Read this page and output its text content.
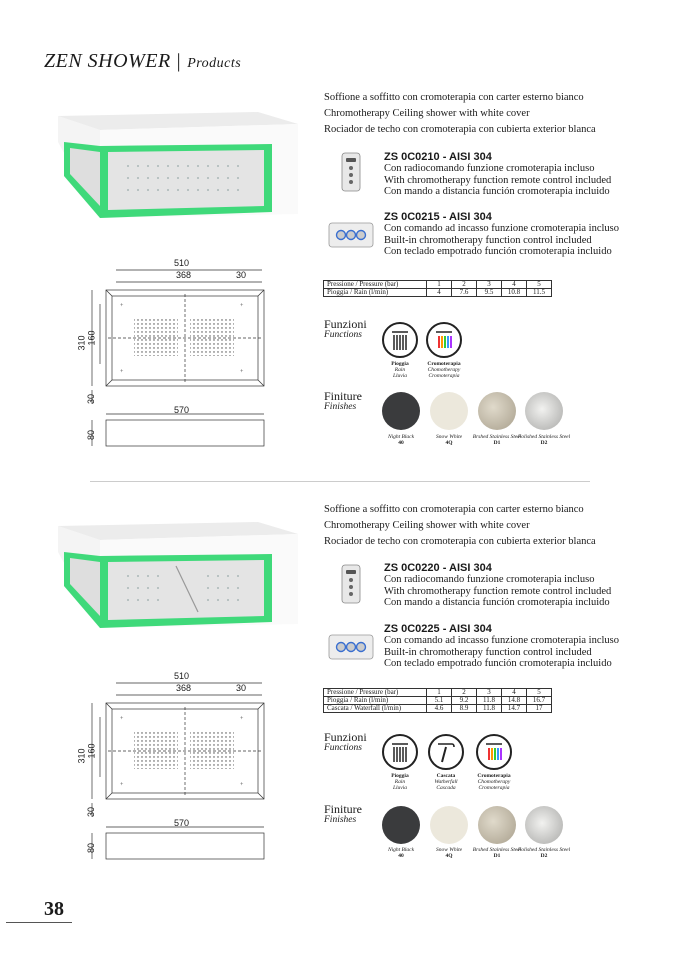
ZEN SHOWER | Products
+	+
+	+
510
368	30
310 160
30
570
80
Soffione a soffitto con cromoterapia con carter esterno bianco
Chromotherapy Ceiling shower with white cover
Rociador de techo con cromoterapia con cubierta exterior blanca
ZS 0C0210 - AISI 304
Con radiocomando funzione cromoterapia incluso
With chromotherapy function remote control included
Con mando a distancia función cromoterapia incluido
ZS 0C0215 - AISI 304
Con comando ad incasso funzione cromoterapia incluso
Built-in chromotherapy function control included
Con teclado empotrado función cromoterapia incluido
Pressione / Pressure (bar)	1	2	3	4	5
Pioggia / Rain (l/min)	4	7.6	9.5	10.8	11.5
Funzioni
Functions
Pioggia
Rain
Lluvia
Cromoterapia
Chomotherapy
Cromoterapia
Finiture
Finishes
Night Black
40
Snow White
4Q
Brshed Stainless Steel
D1
Polished Stainless Steel
D2
+	+
+	+
510
368	30
310 160
30
570
80
Soffione a soffitto con cromoterapia con carter esterno bianco
Chromotherapy Ceiling shower with white cover
Rociador de techo con cromoterapia con cubierta exterior blanca
ZS 0C0220 - AISI 304
Con radiocomando funzione cromoterapia incluso
With chromotherapy function remote control included
Con mando a distancia función cromoterapia incluido
ZS 0C0225 - AISI 304
Con comando ad incasso funzione cromoterapia incluso
Built-in chromotherapy function control included
Con teclado empotrado función cromoterapia incluido
Pressione / Pressure (bar)	1	2	3	4	5
Pioggia / Rain (l/min)	5.1	9.2	11.8	14.8	16.7
Cascata / Waterfall (l/min)	4.6	8.9	11.8	14.7	17
Funzioni
Functions
Pioggia
Rain
Lluvia
Cascata
Watherfall
Cascada
Cromoterapia
Chomotherapy
Cromoterapia
Finiture
Finishes
Night Black
40
Snow White
4Q
Brshed Stainless Steel
D1
Polished Stainless Steel
D2
38
